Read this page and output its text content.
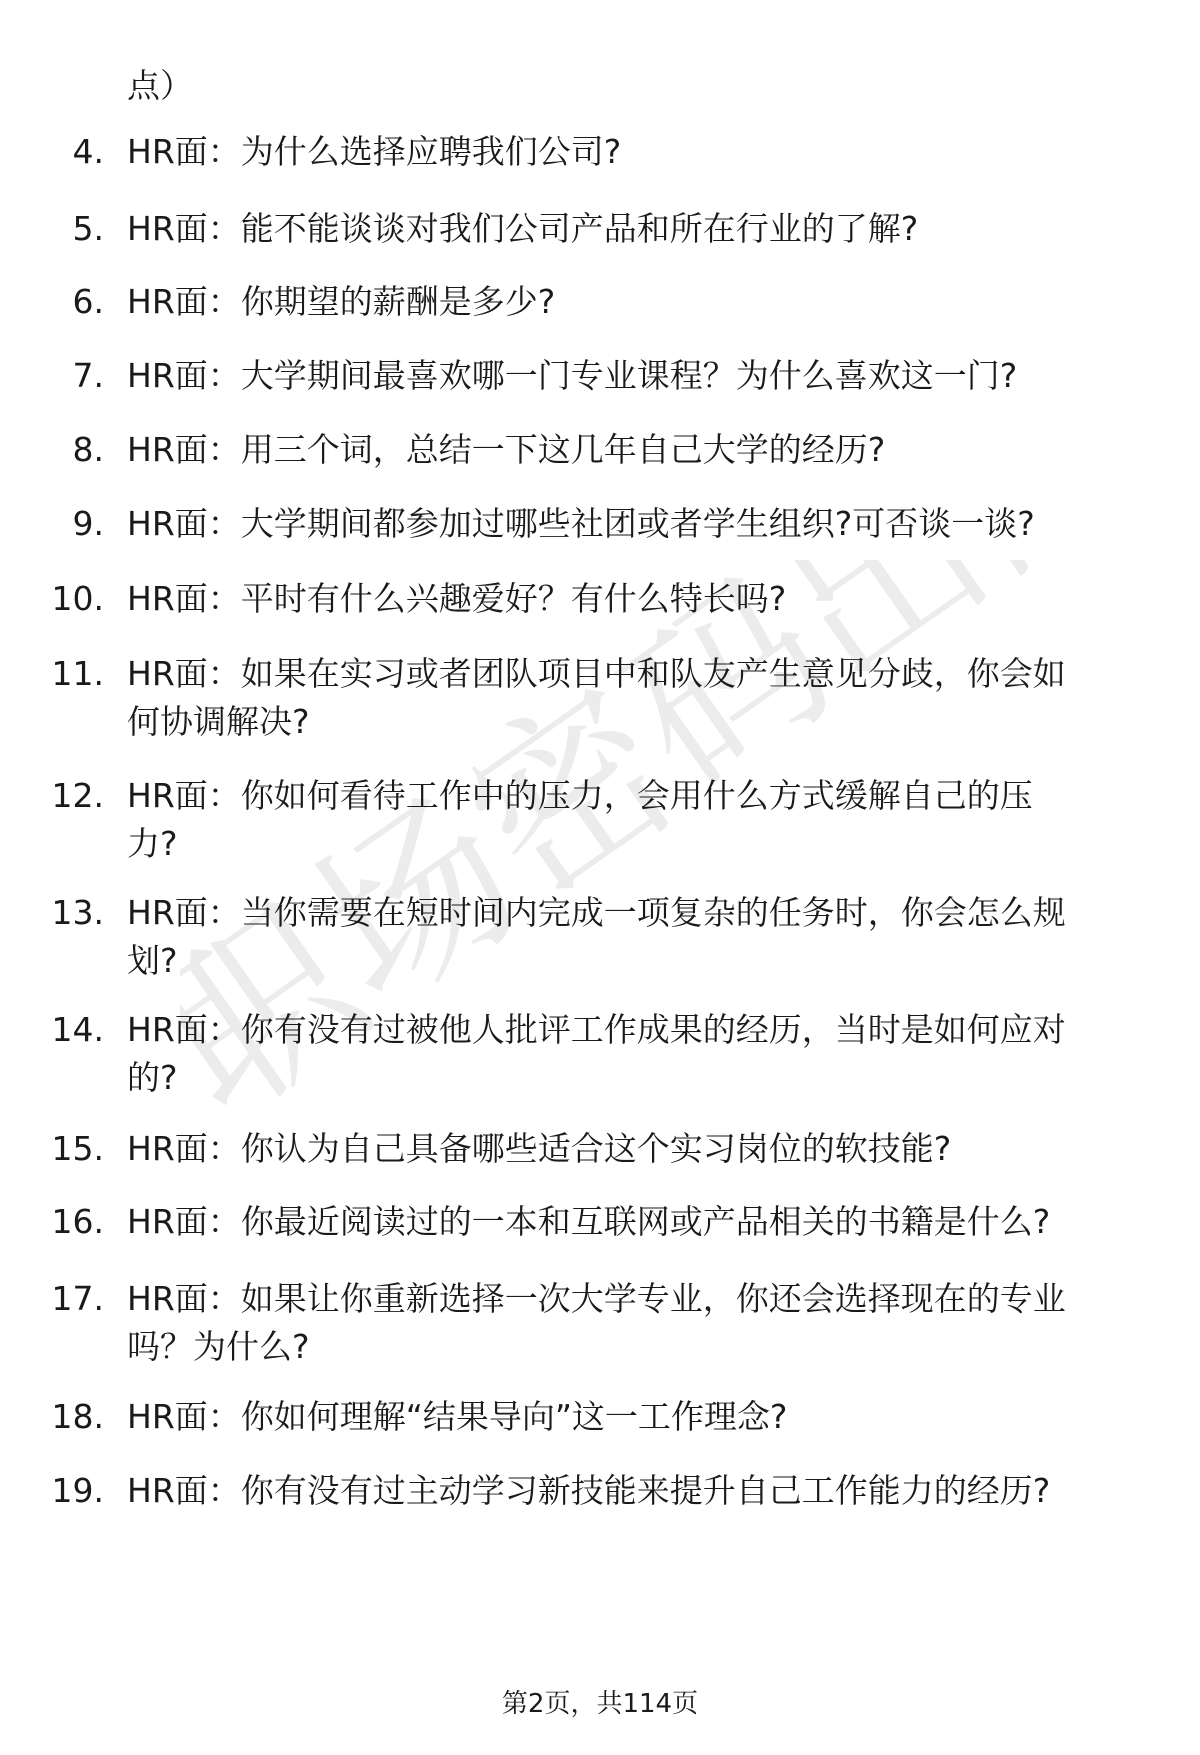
职场密码出品
点）
4. HR面：为什么选择应聘我们公司?
5. HR面：能不能谈谈对我们公司产品和所在行业的了解?
6. HR面：你期望的薪酬是多少?
7. HR面：大学期间最喜欢哪一门专业课程？为什么喜欢这一门?
8. HR面：用三个词，总结一下这几年自己大学的经历?
9. HR面：大学期间都参加过哪些社团或者学生组织?可否谈一谈?
10. HR面：平时有什么兴趣爱好？有什么特长吗?
11. HR面：如果在实习或者团队项目中和队友产生意见分歧，你会如
何协调解决?
12. HR面：你如何看待工作中的压力，会用什么方式缓解自己的压
力?
13. HR面：当你需要在短时间内完成一项复杂的任务时，你会怎么规
划?
14. HR面：你有没有过被他人批评工作成果的经历，当时是如何应对
的?
15. HR面：你认为自己具备哪些适合这个实习岗位的软技能?
16. HR面：你最近阅读过的一本和互联网或产品相关的书籍是什么?
17. HR面：如果让你重新选择一次大学专业，你还会选择现在的专业
吗？为什么?
18. HR面：你如何理解“结果导向”这一工作理念?
19. HR面：你有没有过主动学习新技能来提升自己工作能力的经历?
第2页，共114页
